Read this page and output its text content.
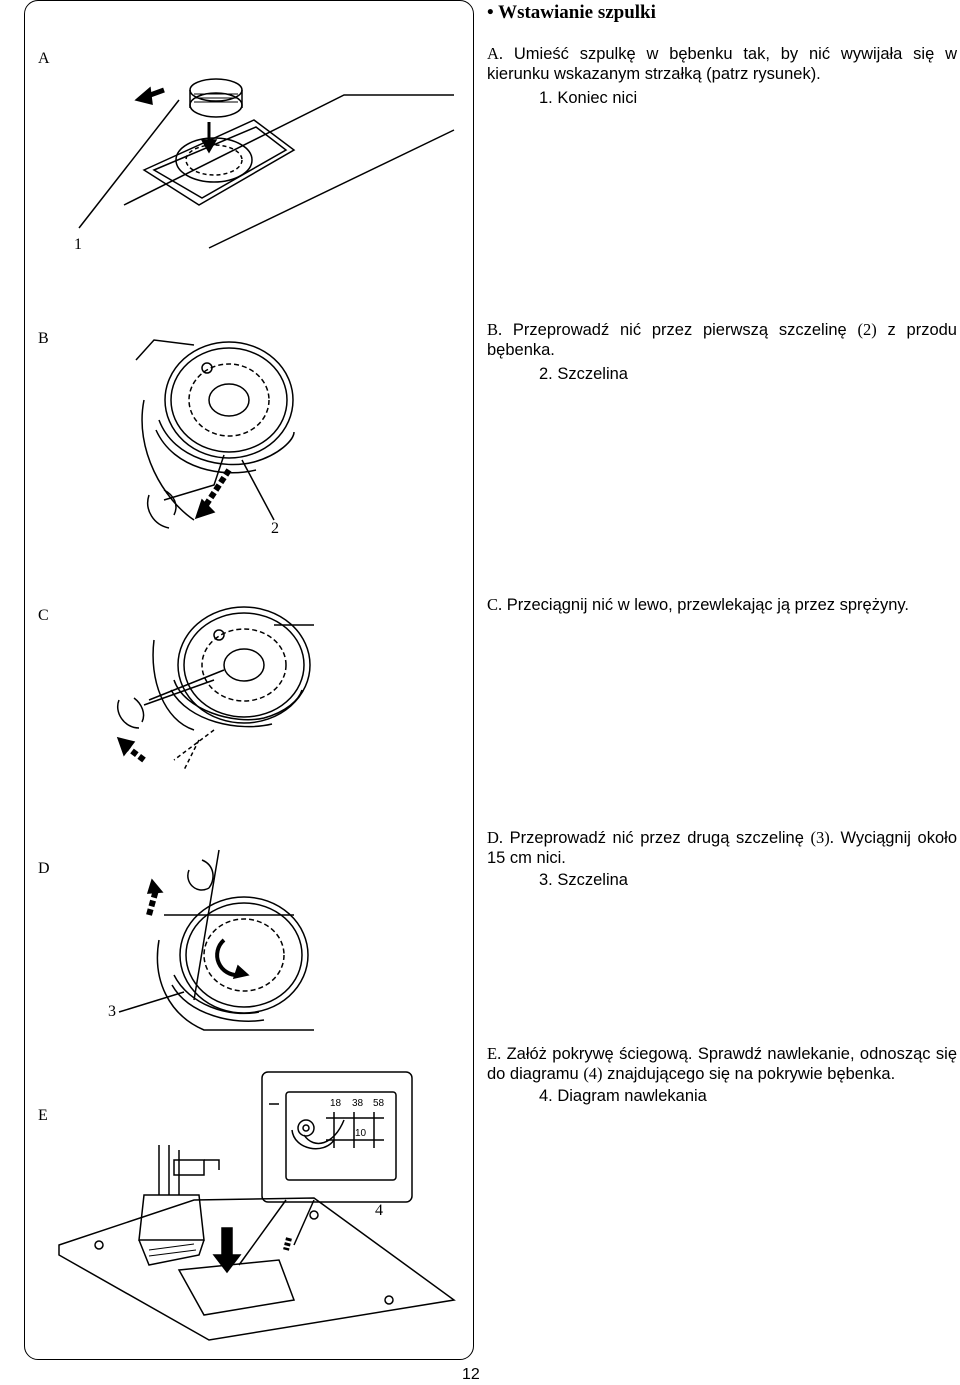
A
B
C
D
E
18 38 58
10
1
2
3
4
• Wstawianie szpulki
A. Umieść szpulkę w bębenku tak, by nić wywijała się w kierunku wskazanym strzałką (patrz rysunek).
1. Koniec nici
B. Przeprowadź nić przez pierwszą szczelinę (2) z przodu bębenka.
2. Szczelina
C. Przeciągnij nić w lewo, przewlekając ją przez sprężyny.
D. Przeprowadź nić przez drugą szczelinę (3). Wyciągnij około 15 cm nici.
3. Szczelina
E. Załóż pokrywę ściegową. Sprawdź nawlekanie, odnosząc się do diagramu (4) znajdującego się na pokrywie bębenka.
4. Diagram nawlekania
12
